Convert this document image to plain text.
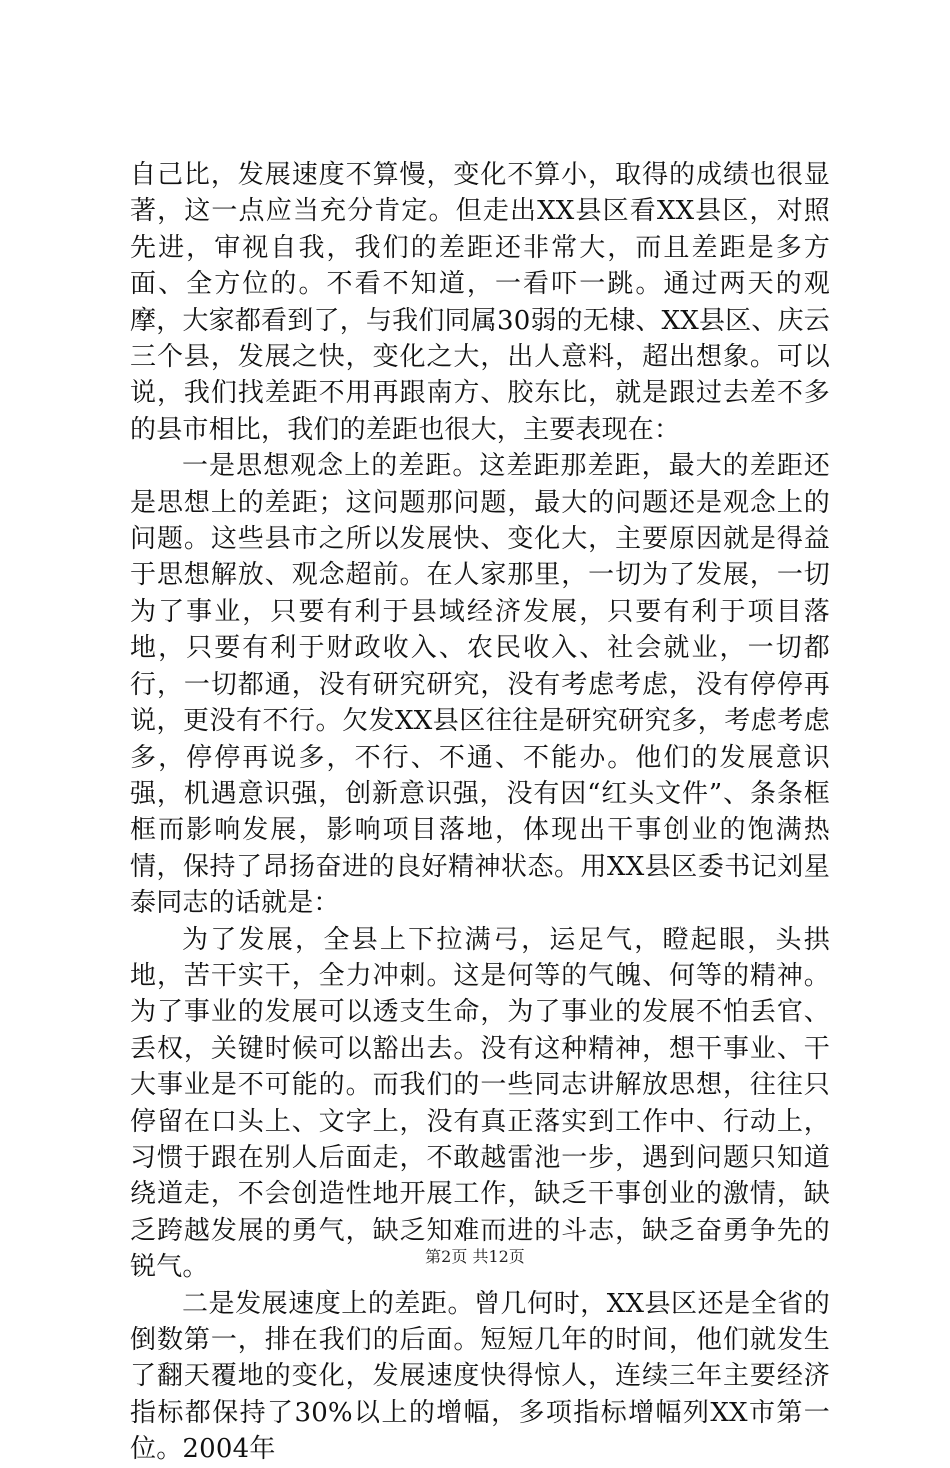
自己比，发展速度不算慢，变化不算小，取得的成绩也很显著，这一点应当充分肯定。但走出XX县区看XX县区，对照先进，审视自我，我们的差距还非常大，而且差距是多方面、全方位的。不看不知道，一看吓一跳。通过两天的观摩，大家都看到了，与我们同属30弱的无棣、XX县区、庆云三个县，发展之快，变化之大，出人意料，超出想象。可以说，我们找差距不用再跟南方、胶东比，就是跟过去差不多的县市相比，我们的差距也很大，主要表现在：

一是思想观念上的差距。这差距那差距，最大的差距还是思想上的差距；这问题那问题，最大的问题还是观念上的问题。这些县市之所以发展快、变化大，主要原因就是得益于思想解放、观念超前。在人家那里，一切为了发展，一切为了事业，只要有利于县域经济发展，只要有利于项目落地，只要有利于财政收入、农民收入、社会就业，一切都行，一切都通，没有研究研究，没有考虑考虑，没有停停再说，更没有不行。欠发XX县区往往是研究研究多，考虑考虑多，停停再说多，不行、不通、不能办。他们的发展意识强，机遇意识强，创新意识强，没有因“红头文件”、条条框框而影响发展，影响项目落地，体现出干事创业的饱满热情，保持了昂扬奋进的良好精神状态。用XX县区委书记刘星泰同志的话就是：

为了发展，全县上下拉满弓，运足气，瞪起眼，头拱地，苦干实干，全力冲刺。这是何等的气魄、何等的精神。为了事业的发展可以透支生命，为了事业的发展不怕丢官、丢权，关键时候可以豁出去。没有这种精神，想干事业、干大事业是不可能的。而我们的一些同志讲解放思想，往往只停留在口头上、文字上，没有真正落实到工作中、行动上，习惯于跟在别人后面走，不敢越雷池一步，遇到问题只知道绕道走，不会创造性地开展工作，缺乏干事创业的激情，缺乏跨越发展的勇气，缺乏知难而进的斗志，缺乏奋勇争先的锐气。

二是发展速度上的差距。曾几何时，XX县区还是全省的倒数第一，排在我们的后面。短短几年的时间，他们就发生了翻天覆地的变化，发展速度快得惊人，连续三年主要经济指标都保持了30%以上的增幅，多项指标增幅列XX市第一位。2004年

第2页 共12页
